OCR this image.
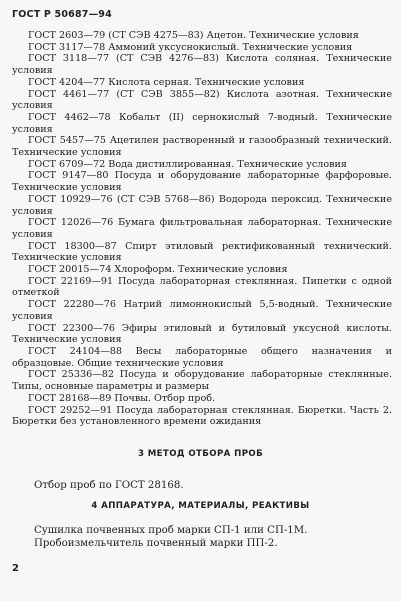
ГОСТ Р 50687—94

ГОСТ 2603—79 (СТ СЭВ 4275—83) Ацетон. Технические условия

ГОСТ 3117—78 Аммоний уксуснокислый. Технические условия

ГОСТ 3118—77 (СТ СЭВ 4276—83) Кислота соляная. Технические условия

ГОСТ 4204—77 Кислота серная. Технические условия

ГОСТ 4461—77 (СТ СЭВ 3855—82) Кислота азотная. Технические условия

ГОСТ 4462—78 Кобальт (II) сернокислый 7-водный. Технические условия

ГОСТ 5457—75 Ацетилен растворенный и газообразный технический. Технические условия

ГОСТ 6709—72 Вода дистиллированная. Технические условия

ГОСТ 9147—80 Посуда и оборудование лабораторные фарфоровые. Технические условия

ГОСТ 10929—76 (СТ СЭВ 5768—86) Водорода пероксид. Технические условия

ГОСТ 12026—76 Бумага фильтровальная лабораторная. Технические условия

ГОСТ 18300—87 Спирт этиловый ректификованный технический. Технические условия

ГОСТ 20015—74 Хлороформ. Технические условия

ГОСТ 22169—91 Посуда лабораторная стеклянная. Пипетки с одной отметкой

ГОСТ 22280—76 Натрий лимоннокислый 5,5-водный. Технические условия

ГОСТ 22300—76 Эфиры этиловый и бутиловый уксусной кислоты. Технические условия

ГОСТ 24104—88 Весы лабораторные общего назначения и образцовые. Общие технические условия

ГОСТ 25336—82 Посуда и оборудование лабораторные стеклянные. Типы, основные параметры и размеры

ГОСТ 28168—89 Почвы. Отбор проб.

ГОСТ 29252—91 Посуда лабораторная стеклянная. Бюретки. Часть 2. Бюретки без установленного времени ожидания

3 МЕТОД ОТБОРА ПРОБ
Отбор проб по ГОСТ 28168.
4 АППАРАТУРА, МАТЕРИАЛЫ, РЕАКТИВЫ
Сушилка почвенных проб марки СП-1 или СП-1М.
Пробоизмельчитель почвенный марки ПП-2.
2
